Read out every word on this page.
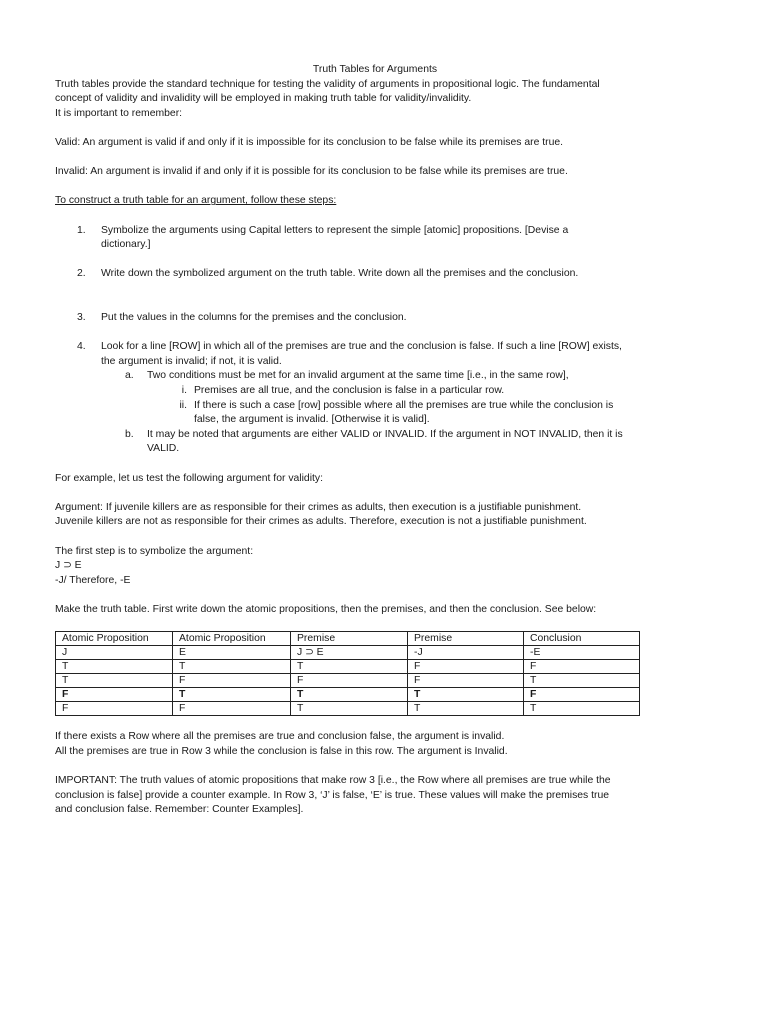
Truth Tables for Arguments

Truth tables provide the standard technique for testing the validity of arguments in propositional logic. The fundamental

concept of validity and invalidity will be employed in making truth table for validity/invalidity.

It is important to remember:

Valid: An argument is valid if and only if it is impossible for its conclusion to be false while its premises are true.

Invalid: An argument is invalid if and only if it is possible for its conclusion to be false while its premises are true.

To construct a truth table for an argument, follow these steps:

1. Symbolize the arguments using Capital letters to represent the simple [atomic] propositions. [Devise a

dictionary.]

2. Write down the symbolized argument on the truth table. Write down all the premises and the conclusion.

3. Put the values in the columns for the premises and the conclusion.

4. Look for a line [ROW] in which all of the premises are true and the conclusion is false. If such a line [ROW] exists,

the argument is invalid; if not, it is valid.

a. Two conditions must be met for an invalid argument at the same time [i.e., in the same row],

i. Premises are all true, and the conclusion is false in a particular row.

ii. If there is such a case [row] possible where all the premises are true while the conclusion is

false, the argument is invalid. [Otherwise it is valid].

b. It may be noted that arguments are either VALID or INVALID. If the argument in NOT INVALID, then it is

VALID.

For example, let us test the following argument for validity:

Argument: If juvenile killers are as responsible for their crimes as adults, then execution is a justifiable punishment.

Juvenile killers are not as responsible for their crimes as adults. Therefore, execution is not a justifiable punishment.

The first step is to symbolize the argument:

J ⊃ E

-J/ Therefore, -E

Make the truth table. First write down the atomic propositions, then the premises, and then the conclusion. See below:

Atomic Proposition	Atomic Proposition	Premise	Premise	Conclusion
J	E	J ⊃ E	-J	-E
T	T	T	F	F
T	F	F	F	T
F	T	T	T	F
F	F	T	T	T

If there exists a Row where all the premises are true and conclusion false, the argument is invalid.

All the premises are true in Row 3 while the conclusion is false in this row. The argument is Invalid.

IMPORTANT: The truth values of atomic propositions that make row 3 [i.e., the Row where all premises are true while the

conclusion is false] provide a counter example. In Row 3, ‘J’ is false, ‘E’ is true. These values will make the premises true

and conclusion false. Remember: Counter Examples].
